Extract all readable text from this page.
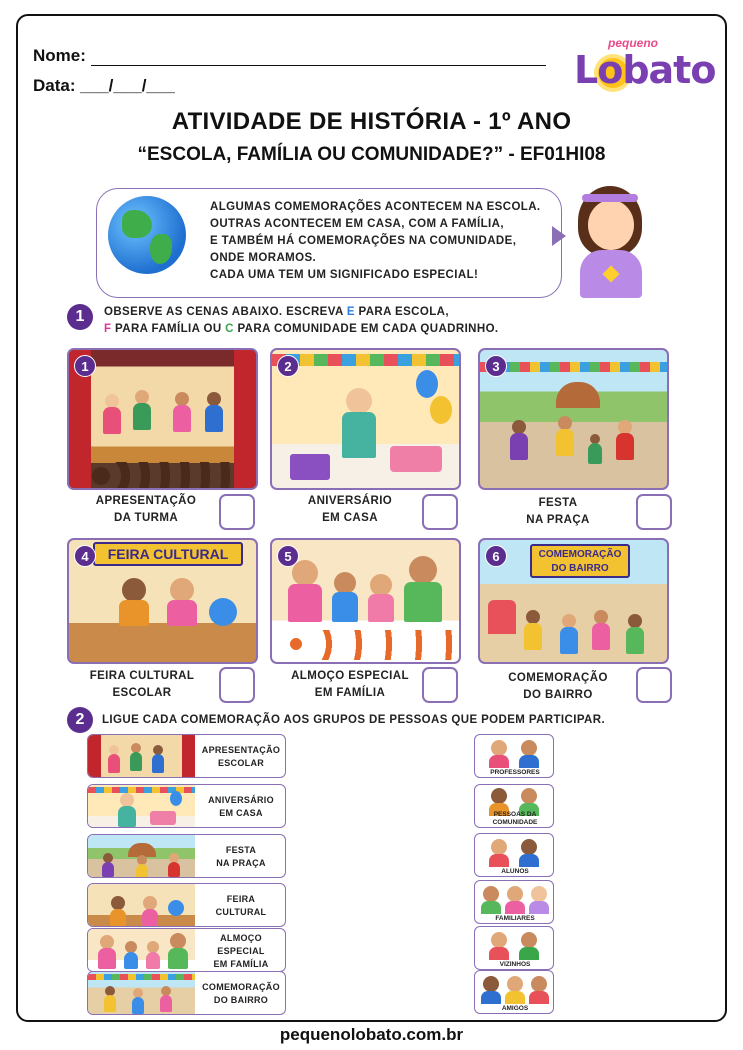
Nome:
Data: ___/___/___
pequeno
Lobato
ATIVIDADE DE HISTÓRIA - 1º ANO
“ESCOLA, FAMÍLIA OU COMUNIDADE?” - EF01HI08
ALGUMAS COMEMORAÇÕES ACONTECEM NA ESCOLA.
OUTRAS ACONTECEM EM CASA, COM A FAMÍLIA,
E TAMBÉM HÁ COMEMORAÇÕES NA COMUNIDADE,
ONDE MORAMOS.
CADA UMA TEM UM SIGNIFICADO ESPECIAL!
1	OBSERVE AS CENAS ABAIXO. ESCREVA E PARA ESCOLA,
F PARA FAMÍLIA OU C PARA COMUNIDADE EM CADA QUADRINHO.
1
APRESENTAÇÃO
DA TURMA
2
ANIVERSÁRIO
EM CASA
3
FESTA
NA PRAÇA
4	FEIRA CULTURAL
FEIRA CULTURAL
ESCOLAR
5
ALMOÇO ESPECIAL
EM FAMÍLIA
6	COMEMORAÇÃO
DO BAIRRO
COMEMORAÇÃO
DO BAIRRO
2	LIGUE CADA COMEMORAÇÃO AOS GRUPOS DE PESSOAS QUE PODEM PARTICIPAR.
APRESENTAÇÃO
ESCOLAR
ANIVERSÁRIO
EM CASA
FESTA
NA PRAÇA
FEIRA
CULTURAL
ALMOÇO ESPECIAL
EM FAMÍLIA
COMEMORAÇÃO
DO BAIRRO
PROFESSORES
PESSOAS DA
COMUNIDADE
ALUNOS
FAMILIARES
VIZINHOS
AMIGOS
pequenolobato.com.br
